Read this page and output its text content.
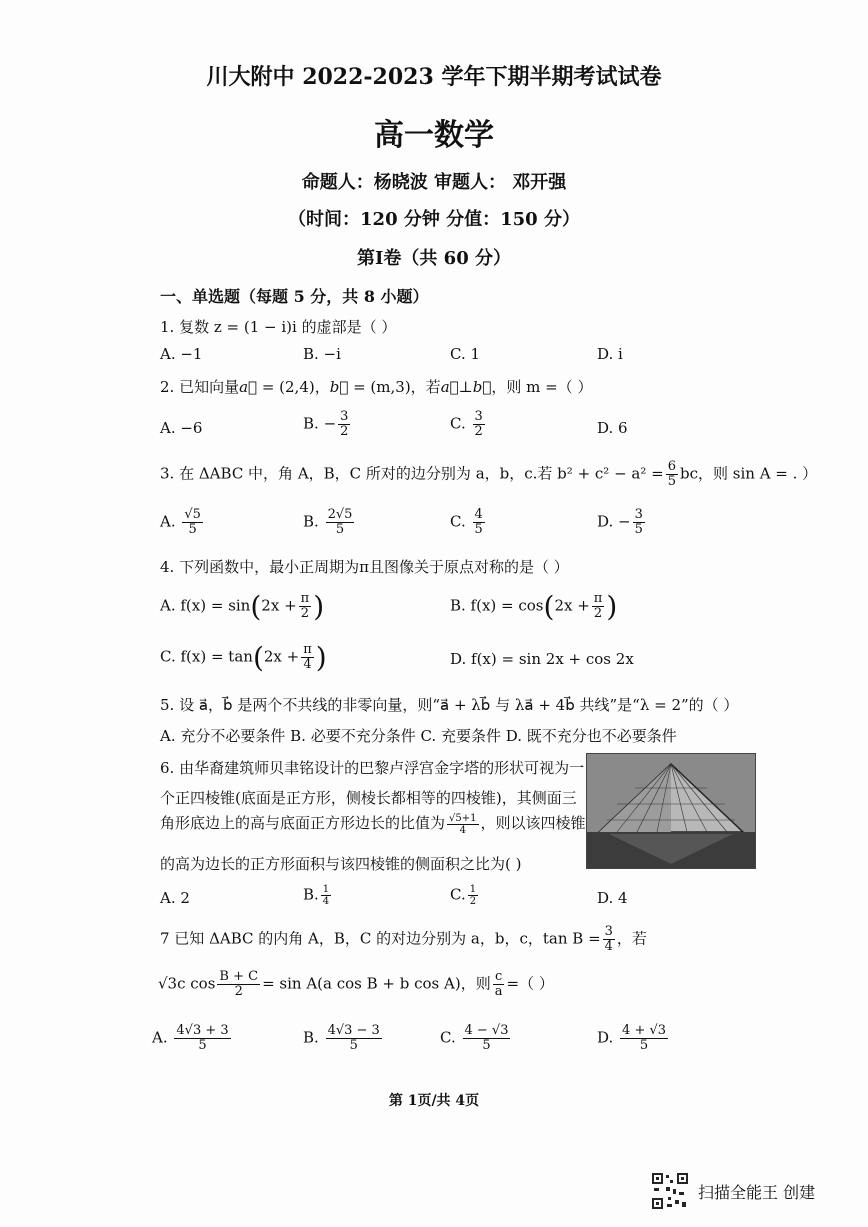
川大附中 2022-2023 学年下期半期考试试卷
高一数学
命题人：杨晓波 审题人： 邓开强
（时间：120 分钟 分值：150 分）
第Ⅰ卷（共 60 分）
一、单选题（每题 5 分，共 8 小题）
1. 复数 z = (1 − i)i 的虚部是（ ）
A. −1	B. −i	C. 1	D. i
2. 已知向量a⃗ = (2,4)，b⃗ = (m,3)，若a⃗⊥b⃗，则 m =（ ）
A. −6	B. − $\frac{3}{2}$	C. $\frac{3}{2}$	D. 6
3. 在 ΔABC 中，角 A，B，C 所对的边分别为 a，b，c.若 $b^2 + c^2 - a^2 = \frac{6}{5}$ bc，则 sin A = . ）
A. $\frac{√5}{5}$	B. $\frac{2√5}{5}$	C. $\frac{4}{5}$	D. − $\frac{3}{5}$
4. 下列函数中，最小正周期为π且图像关于原点对称的是（ ）
A. $f(x) = \sin(2x + \frac{\pi}{2}$ )	B. $f(x) = \cos(2x + \frac{\pi}{2}$ )
C. $f(x) = \tan(2x + \frac{\pi}{4}$ )	D. f(x) = sin 2x + cos 2x
5. 设 a⃗，b⃗ 是两个不共线的非零向量，则“a⃗ + λb⃗ 与 λa⃗ + 4b⃗ 共线”是“λ = 2”的（ ）
A. 充分不必要条件 B. 必要不充分条件 C. 充要条件 D. 既不充分也不必要条件
6. 由华裔建筑师贝聿铭设计的巴黎卢浮宫金字塔的形状可视为一
个正四棱锥(底面是正方形，侧棱长都相等的四棱锥)，其侧面三
角形底边上的高与底面正方形边长的比值为 $\frac{√5+1}{4}$ ，则以该四棱锥
的高为边长的正方形面积与该四棱锥的侧面积之比为( )
A. 2	B. $\frac{1}{4}$	C. $\frac{1}{2}$	D. 4
7 已知 ΔABC 的内角 A，B，C 的对边分别为 a，b，c，$\tan B = \frac{3}{4}$ ，若
√3c $\cos \frac{B + C}{2} = \sin A(a$ cos B + b cos A)，则 $\frac{c}{a}$ =（ ）
A. $\frac{4√3 + 3}{5}$	B. $\frac{4√3 - 3}{5}$	C. $\frac{4 - √3}{5}$	D. $\frac{4 + √3}{5}$
第 1页/共 4页
扫描全能王 创建
